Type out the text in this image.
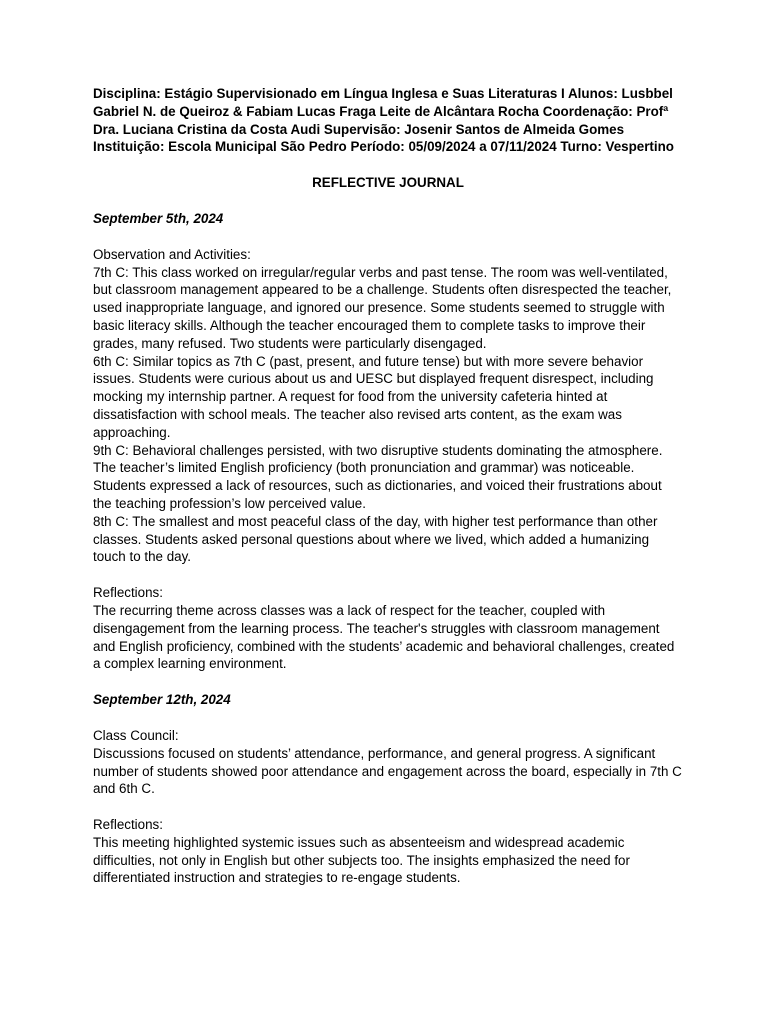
Disciplina: Estágio Supervisionado em Língua Inglesa e Suas Literaturas I Alunos: Lusbbel Gabriel N. de Queiroz & Fabiam Lucas Fraga Leite de Alcântara Rocha Coordenação: Profª Dra. Luciana Cristina da Costa Audi Supervisão: Josenir Santos de Almeida Gomes Instituição: Escola Municipal São Pedro Período: 05/09/2024 a 07/11/2024 Turno: Vespertino

REFLECTIVE JOURNAL

September 5th, 2024

Observation and Activities:

7th C: This class worked on irregular/regular verbs and past tense. The room was well-ventilated, but classroom management appeared to be a challenge. Students often disrespected the teacher, used inappropriate language, and ignored our presence. Some students seemed to struggle with basic literacy skills. Although the teacher encouraged them to complete tasks to improve their grades, many refused. Two students were particularly disengaged.

6th C: Similar topics as 7th C (past, present, and future tense) but with more severe behavior issues. Students were curious about us and UESC but displayed frequent disrespect, including mocking my internship partner. A request for food from the university cafeteria hinted at dissatisfaction with school meals. The teacher also revised arts content, as the exam was approaching.

9th C: Behavioral challenges persisted, with two disruptive students dominating the atmosphere. The teacher’s limited English proficiency (both pronunciation and grammar) was noticeable. Students expressed a lack of resources, such as dictionaries, and voiced their frustrations about the teaching profession’s low perceived value.

8th C: The smallest and most peaceful class of the day, with higher test performance than other classes. Students asked personal questions about where we lived, which added a humanizing touch to the day.

Reflections:

The recurring theme across classes was a lack of respect for the teacher, coupled with disengagement from the learning process. The teacher's struggles with classroom management and English proficiency, combined with the students’ academic and behavioral challenges, created a complex learning environment.

September 12th, 2024

Class Council:

Discussions focused on students’ attendance, performance, and general progress. A significant number of students showed poor attendance and engagement across the board, especially in 7th C and 6th C.

Reflections:

This meeting highlighted systemic issues such as absenteeism and widespread academic difficulties, not only in English but other subjects too. The insights emphasized the need for differentiated instruction and strategies to re-engage students.
